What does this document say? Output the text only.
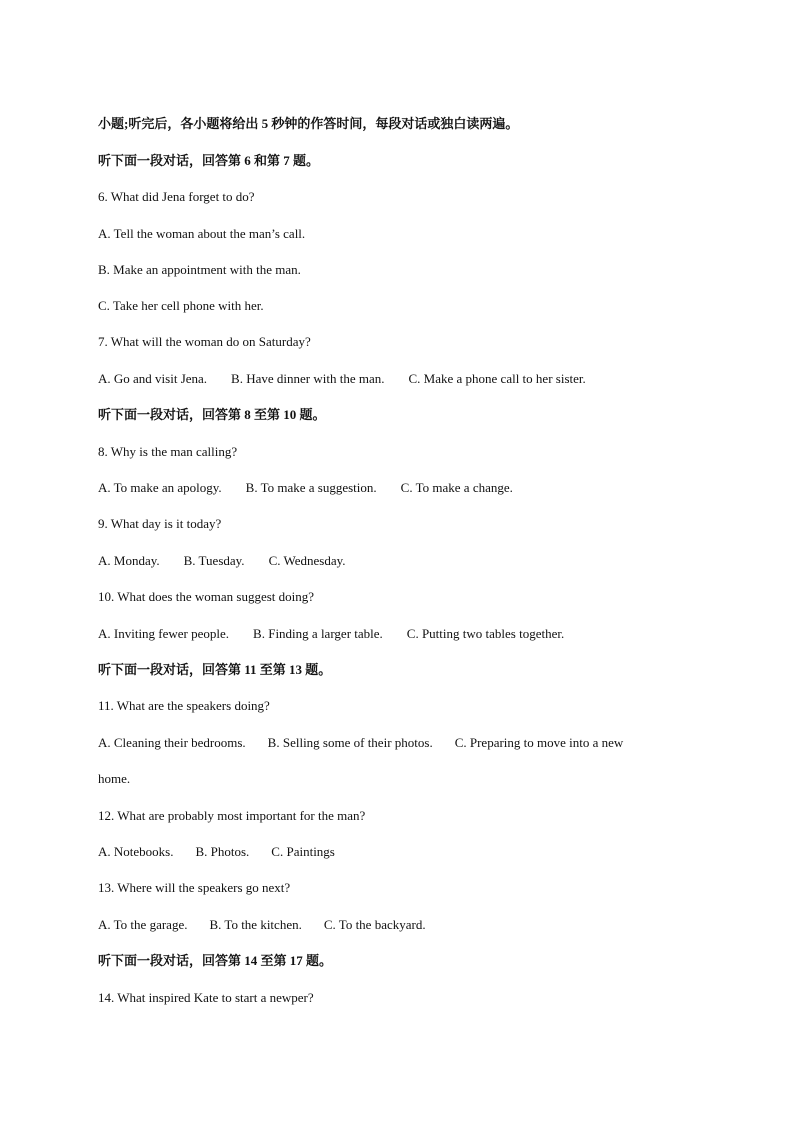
小题;听完后，各小题将给出 5 秒钟的作答时间，每段对话或独白读两遍。
听下面一段对话，回答第 6 和第 7 题。
6. What did Jena forget to do?
A. Tell the woman about the man’s call.
B. Make an appointment with the man.
C. Take her cell phone with her.
7. What will the woman do on Saturday?
A. Go and visit Jena. B. Have dinner with the man. C. Make a phone call to her sister.
听下面一段对话，回答第 8 至第 10 题。
8. Why is the man calling?
A. To make an apology. B. To make a suggestion. C. To make a change.
9. What day is it today?
A. Monday. B. Tuesday. C. Wednesday.
10. What does the woman suggest doing?
A. Inviting fewer people. B. Finding a larger table. C. Putting two tables together.
听下面一段对话，回答第 11 至第 13 题。
11. What are the speakers doing?
A. Cleaning their bedrooms. B. Selling some of their photos. C. Preparing to move into a new
home.
12. What are probably most important for the man?
A. Notebooks. B. Photos. C. Paintings
13. Where will the speakers go next?
A. To the garage. B. To the kitchen. C. To the backyard.
听下面一段对话，回答第 14 至第 17 题。
14. What inspired Kate to start a newper?
